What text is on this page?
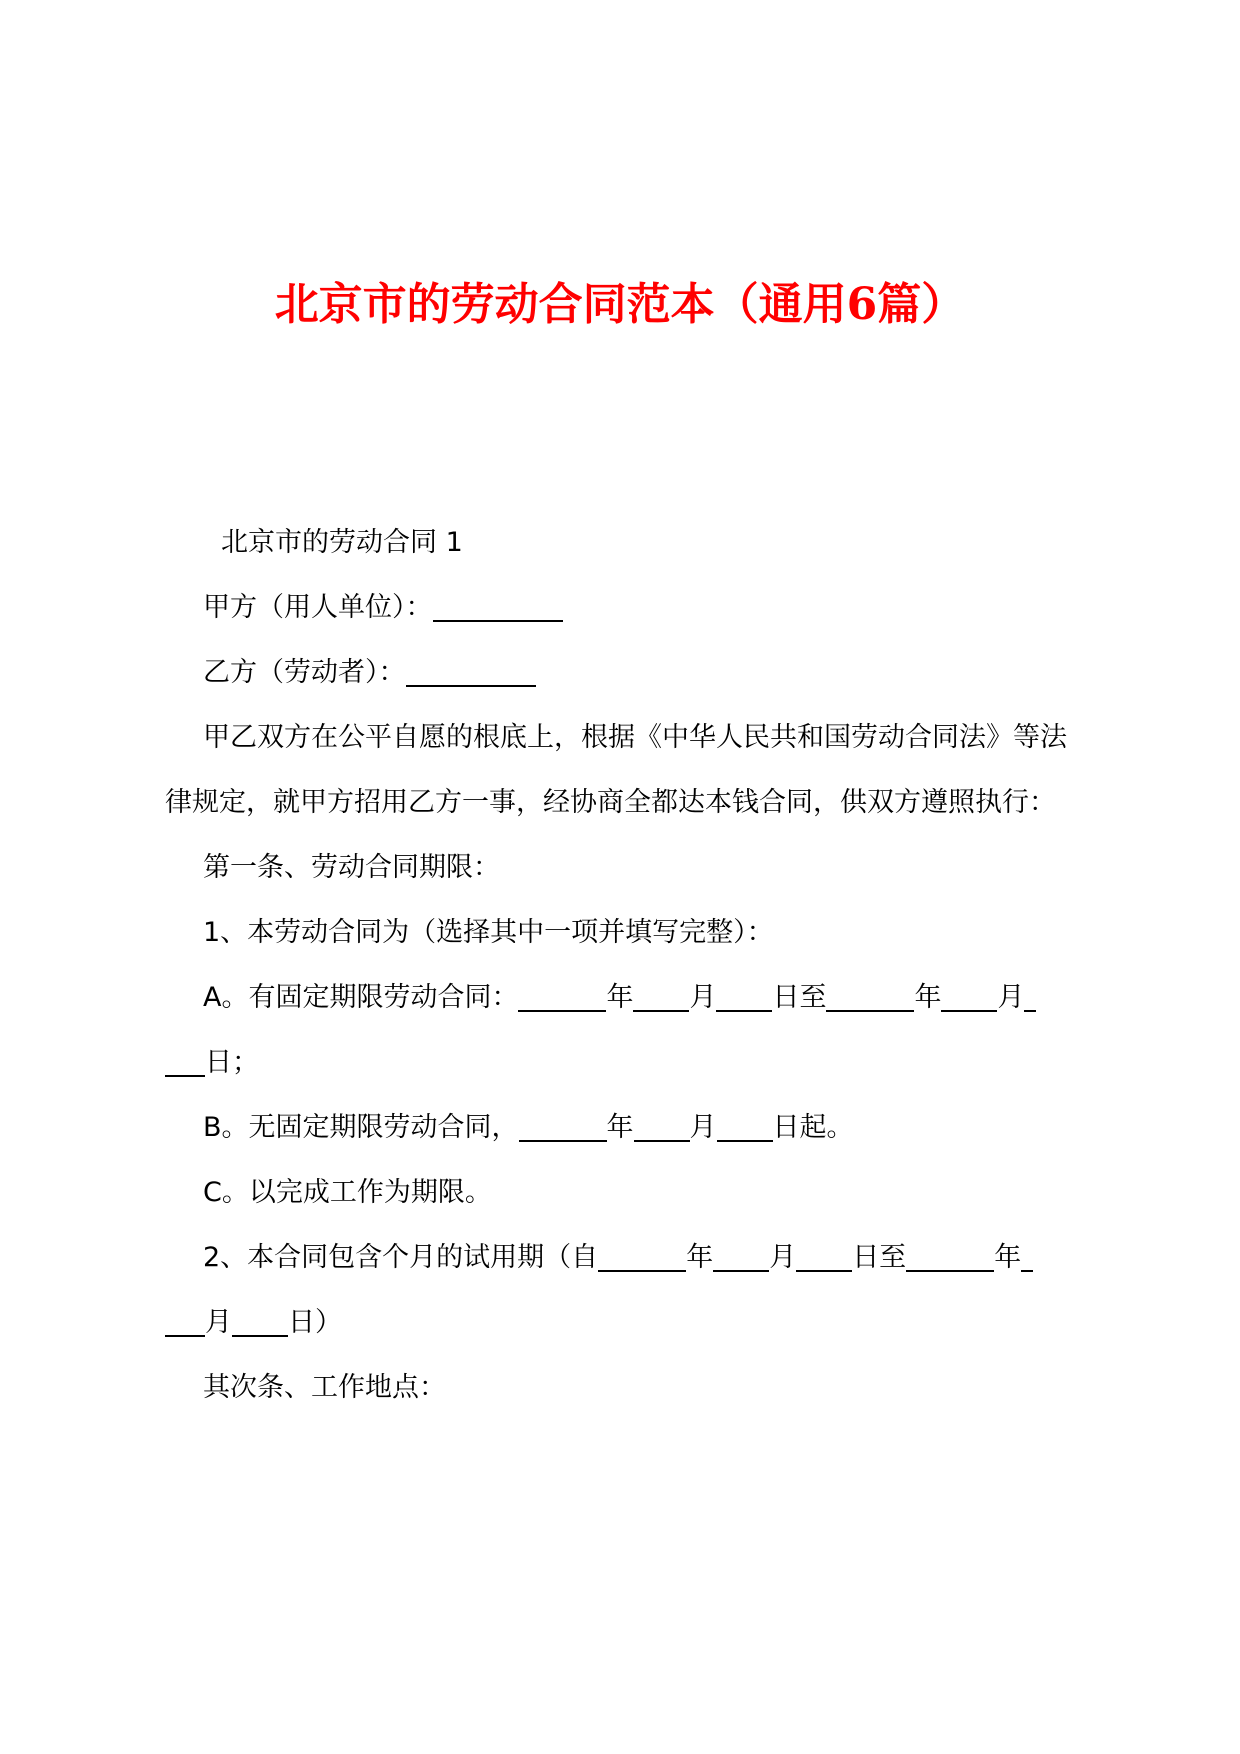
北京市的劳动合同范本（通用6篇）

北京市的劳动合同 1

甲方（用人单位）：

乙方（劳动者）：

甲乙双方在公平自愿的根底上，根据《中华人民共和国劳动合同法》等法律规定，就甲方招用乙方一事，经协商全都达本钱合同，供双方遵照执行：

第一条、劳动合同期限：

1、本劳动合同为（选择其中一项并填写完整）：

A。有固定期限劳动合同：	年 月 日至	年 月
日；

B。无固定期限劳动合同，	年 月 日起。

C。以完成工作为期限。

2、本合同包含个月的试用期（自	年 月 日至	年
月 日）

其次条、工作地点：
